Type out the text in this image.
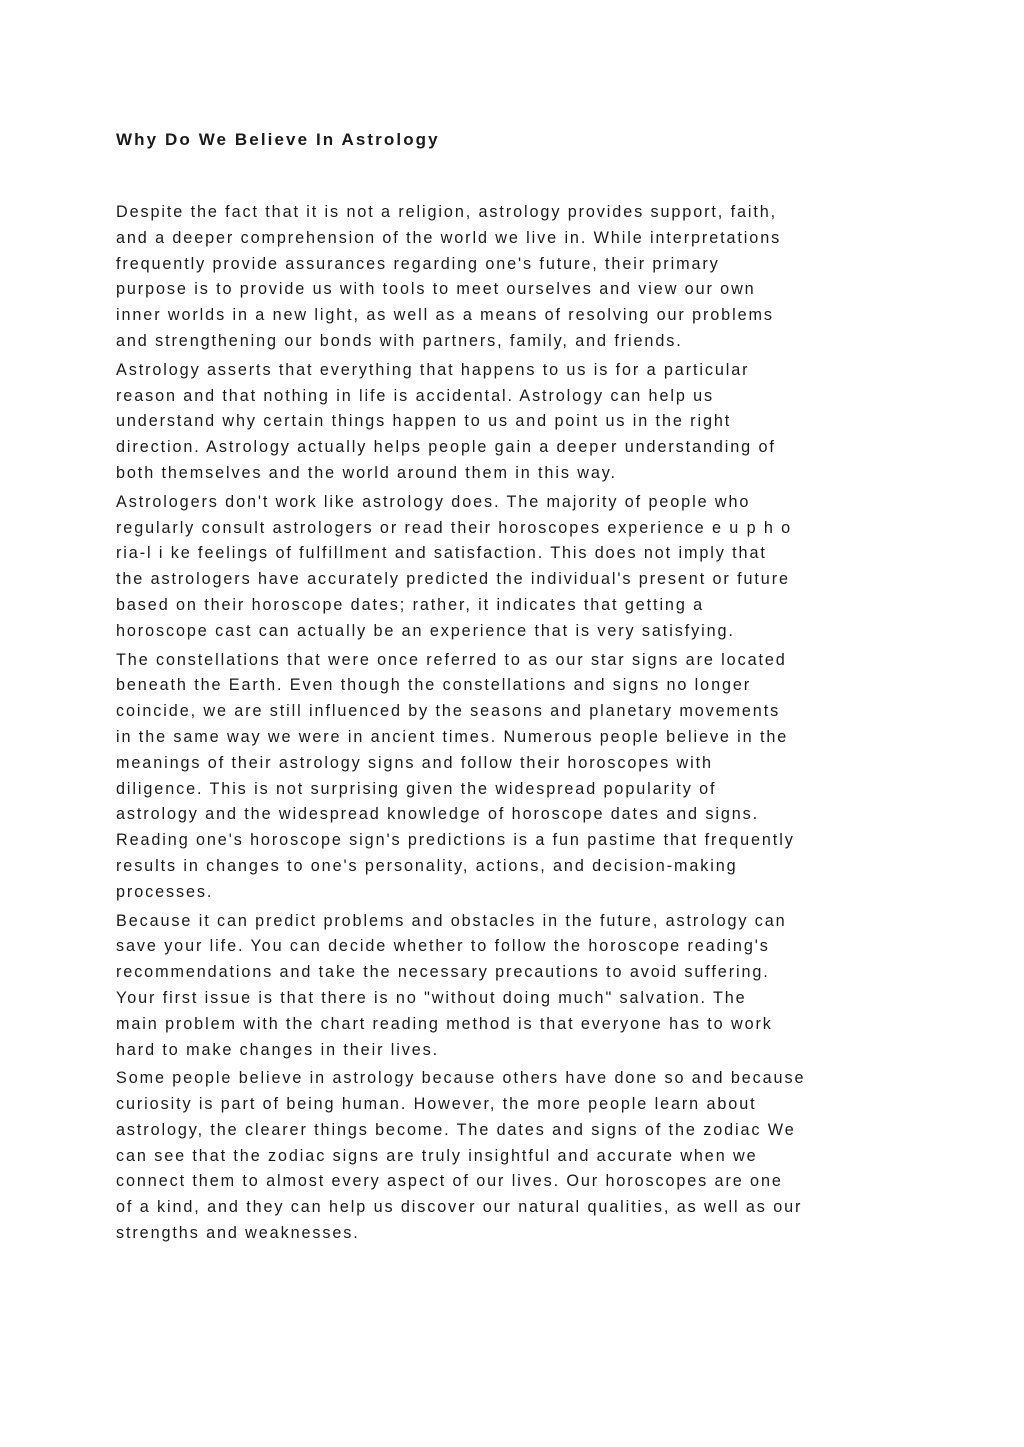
Why Do We Believe In Astrology

Despite the fact that it is not a religion, astrology provides support, faith,
and a deeper comprehension of the world we live in. While interpretations
frequently provide assurances regarding one's future, their primary
purpose is to provide us with tools to meet ourselves and view our own
inner worlds in a new light, as well as a means of resolving our problems
and strengthening our bonds with partners, family, and friends.

Astrology asserts that everything that happens to us is for a particular
reason and that nothing in life is accidental. Astrology can help us
understand why certain things happen to us and point us in the right
direction. Astrology actually helps people gain a deeper understanding of
both themselves and the world around them in this way.

Astrologers don't work like astrology does. The majority of people who
regularly consult astrologers or read their horoscopes experience e u p h o
ria-l i ke feelings of fulfillment and satisfaction. This does not imply that
the astrologers have accurately predicted the individual's present or future
based on their horoscope dates; rather, it indicates that getting a
horoscope cast can actually be an experience that is very satisfying.

The constellations that were once referred to as our star signs are located
beneath the Earth. Even though the constellations and signs no longer
coincide, we are still influenced by the seasons and planetary movements
in the same way we were in ancient times. Numerous people believe in the
meanings of their astrology signs and follow their horoscopes with
diligence. This is not surprising given the widespread popularity of
astrology and the widespread knowledge of horoscope dates and signs.
Reading one's horoscope sign's predictions is a fun pastime that frequently
results in changes to one's personality, actions, and decision-making
processes.

Because it can predict problems and obstacles in the future, astrology can
save your life. You can decide whether to follow the horoscope reading's
recommendations and take the necessary precautions to avoid suffering.
Your first issue is that there is no "without doing much" salvation. The
main problem with the chart reading method is that everyone has to work
hard to make changes in their lives.

Some people believe in astrology because others have done so and because
curiosity is part of being human. However, the more people learn about
astrology, the clearer things become. The dates and signs of the zodiac We
can see that the zodiac signs are truly insightful and accurate when we
connect them to almost every aspect of our lives. Our horoscopes are one
of a kind, and they can help us discover our natural qualities, as well as our
strengths and weaknesses.
